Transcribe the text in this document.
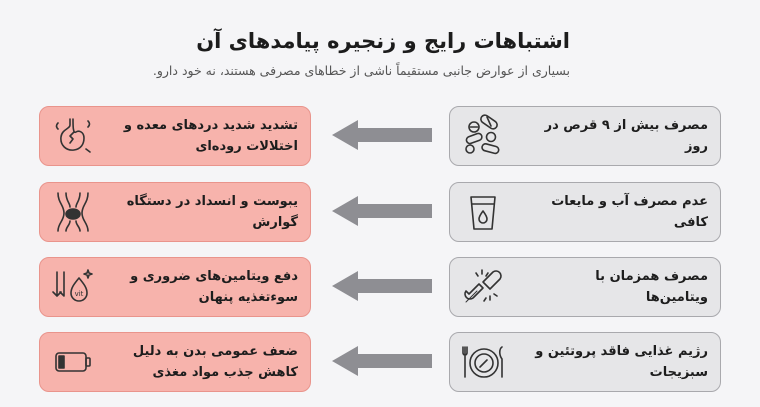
اشتباهات رایج و زنجیره پیامدهای آن
بسیاری از عوارض جانبی مستقیماً ناشی از خطاهای مصرفی هستند، نه خود دارو.
مصرف بیش از ۹ قرص در روز
تشدید شدید دردهای معده و اختلالات روده‌ای
عدم مصرف آب و مایعات کافی
یبوست و انسداد در دستگاه گوارش
مصرف همزمان با ویتامین‌ها
دفع ویتامین‌های ضروری و سوءتغذیه پنهان
vit
رژیم غذایی فاقد پروتئین و سبزیجات
ضعف عمومی بدن به دلیل کاهش جذب مواد مغذی
